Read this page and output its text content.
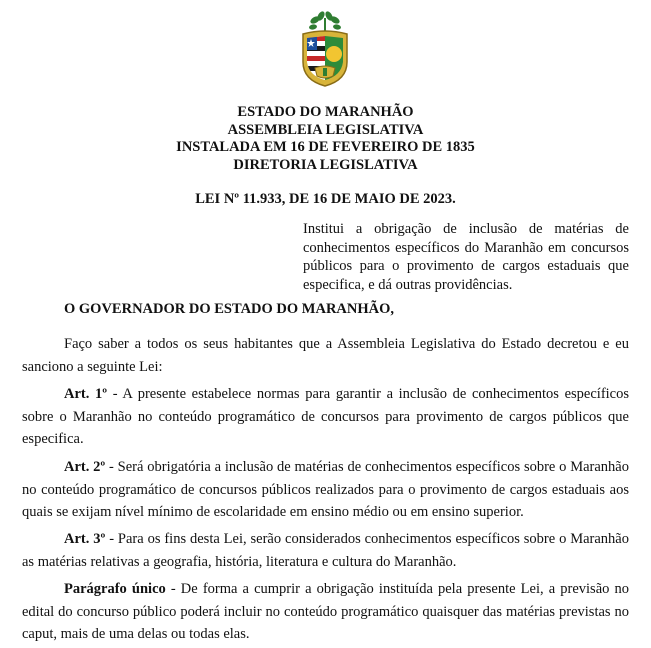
ESTADO DO MARANHÃO
ASSEMBLEIA LEGISLATIVA
INSTALADA EM 16 DE FEVEREIRO DE 1835
DIRETORIA LEGISLATIVA
LEI Nº 11.933, DE 16 DE MAIO DE 2023.
Institui a obrigação de inclusão de matérias de conhecimentos específicos do Maranhão em concursos públicos para o provimento de cargos estaduais que especifica, e dá outras providências.
O GOVERNADOR DO ESTADO DO MARANHÃO,
Faço saber a todos os seus habitantes que a Assembleia Legislativa do Estado decretou e eu sanciono a seguinte Lei:
Art. 1º - A presente estabelece normas para garantir a inclusão de conhecimentos específicos sobre o Maranhão no conteúdo programático de concursos para provimento de cargos públicos que especifica.
Art. 2º - Será obrigatória a inclusão de matérias de conhecimentos específicos sobre o Maranhão no conteúdo programático de concursos públicos realizados para o provimento de cargos estaduais aos quais se exijam nível mínimo de escolaridade em ensino médio ou em ensino superior.
Art. 3º - Para os fins desta Lei, serão considerados conhecimentos específicos sobre o Maranhão as matérias relativas a geografia, história, literatura e cultura do Maranhão.
Parágrafo único - De forma a cumprir a obrigação instituída pela presente Lei, a previsão no edital do concurso público poderá incluir no conteúdo programático quaisquer das matérias previstas no caput, mais de uma delas ou todas elas.
